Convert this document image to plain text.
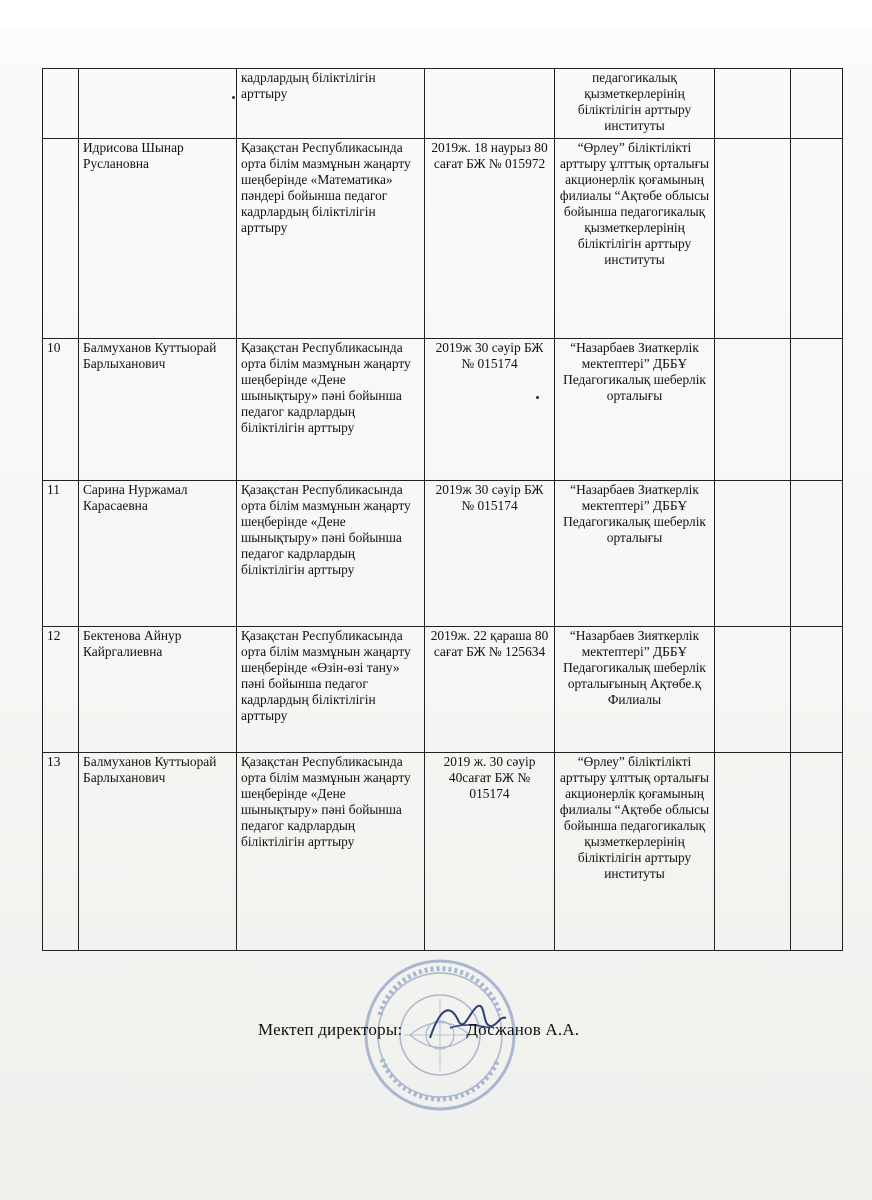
		кадрлардың біліктілігін арттыру		педагогикалық қызметкерлерінің біліктілігін арттыру институты		
	Идрисова Шынар Руслановна	Қазақстан Республикасында орта білім мазмұнын жаңарту шеңберінде «Математика» пәндері бойынша педагог кадрлардың біліктілігін арттыру	2019ж. 18 наурыз 80 сағат БЖ № 015972	“Өрлеу” біліктілікті арттыру ұлттық орталығы акционерлік қоғамының филиалы “Ақтөбе облысы бойынша педагогикалық қызметкерлерінің біліктілігін арттыру институты		
10	Балмуханов Куттыорай Барлыханович	Қазақстан Республикасында орта білім мазмұнын жаңарту шеңберінде «Дене шынықтыру» пәні бойынша педагог кадрлардың біліктілігін арттыру	2019ж 30 сәуір БЖ № 015174	“Назарбаев Зиаткерлік мектептері” ДББҰ Педагогикалық шеберлік орталығы		
11	Сарина Нуржамал Карасаевна	Қазақстан Республикасында орта білім мазмұнын жаңарту шеңберінде «Дене шынықтыру» пәні бойынша педагог кадрлардың біліктілігін арттыру	2019ж 30 сәуір БЖ № 015174	“Назарбаев Зиаткерлік мектептері” ДББҰ Педагогикалық шеберлік орталығы		
12	Бектенова Айнур Кайргалиевна	Қазақстан Республикасында орта білім мазмұнын жаңарту шеңберінде «Өзін-өзі тану» пәні бойынша педагог кадрлардың біліктілігін арттыру	2019ж. 22 қараша 80 сағат БЖ № 125634	“Назарбаев Зияткерлік мектептері” ДББҰ Педагогикалық шеберлік орталығының Ақтөбе.қ Филиалы		
13	Балмуханов Куттыорай Барлыханович	Қазақстан Республикасында орта білім мазмұнын жаңарту шеңберінде «Дене шынықтыру» пәні бойынша педагог кадрлардың біліктілігін арттыру	2019 ж. 30 сәуір 40сағат БЖ № 015174	“Өрлеу” біліктілікті арттыру ұлттық орталығы акционерлік қоғамының филиалы “Ақтөбе облысы бойынша педагогикалық қызметкерлерінің біліктілігін арттыру институты		
Мектеп директоры:	Досжанов А.А.
